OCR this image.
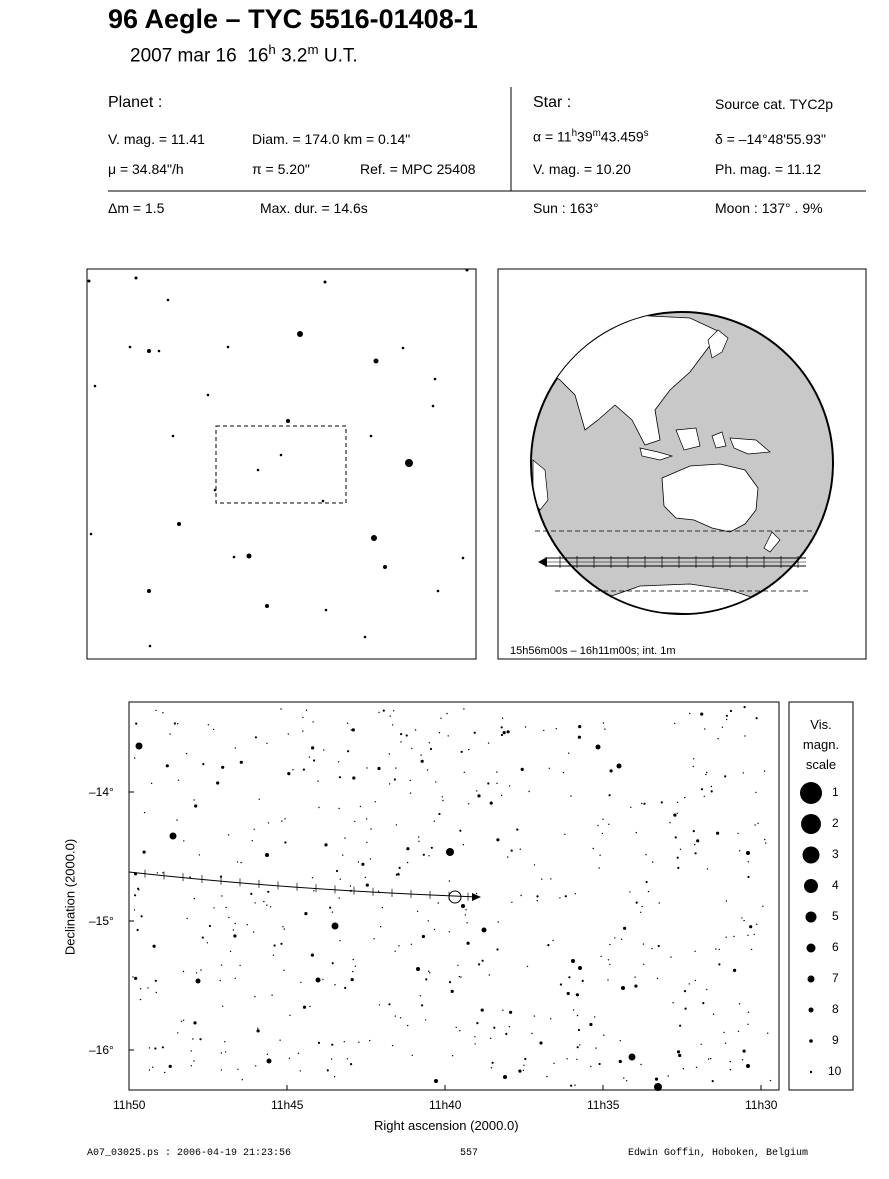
96 Aegle – TYC 5516-01408-1
2007 mar 16 16$^h$ 3.2$^m$ U.T.
Planet :
V. mag. = 11.41	Diam. = 174.0 km = 0.14"
μ = 34.84"/h	π = 5.20"	Ref. = MPC 25408
Star :	Source cat. TYC2p
$\alpha = 11^h39^m43.459^s$	δ = –14°48'55.93"
V. mag. = 10.20	Ph. mag. = 11.12
Δm = 1.5	Max. dur. = 14.6s	Sun : 163°	Moon : 137° . 9%
15h56m00s – 16h11m00s; int. 1m
11h50	11h45	11h40	11h35	11h30
Right ascension (2000.0)
–14°
–15°
–16°
Declination (2000.0)
Vis.
magn.
scale
1
2
3
4
5
6
7
8
9
10
A07_03025.ps : 2006-04-19 21:23:56	557	Edwin Goffin, Hoboken, Belgium
